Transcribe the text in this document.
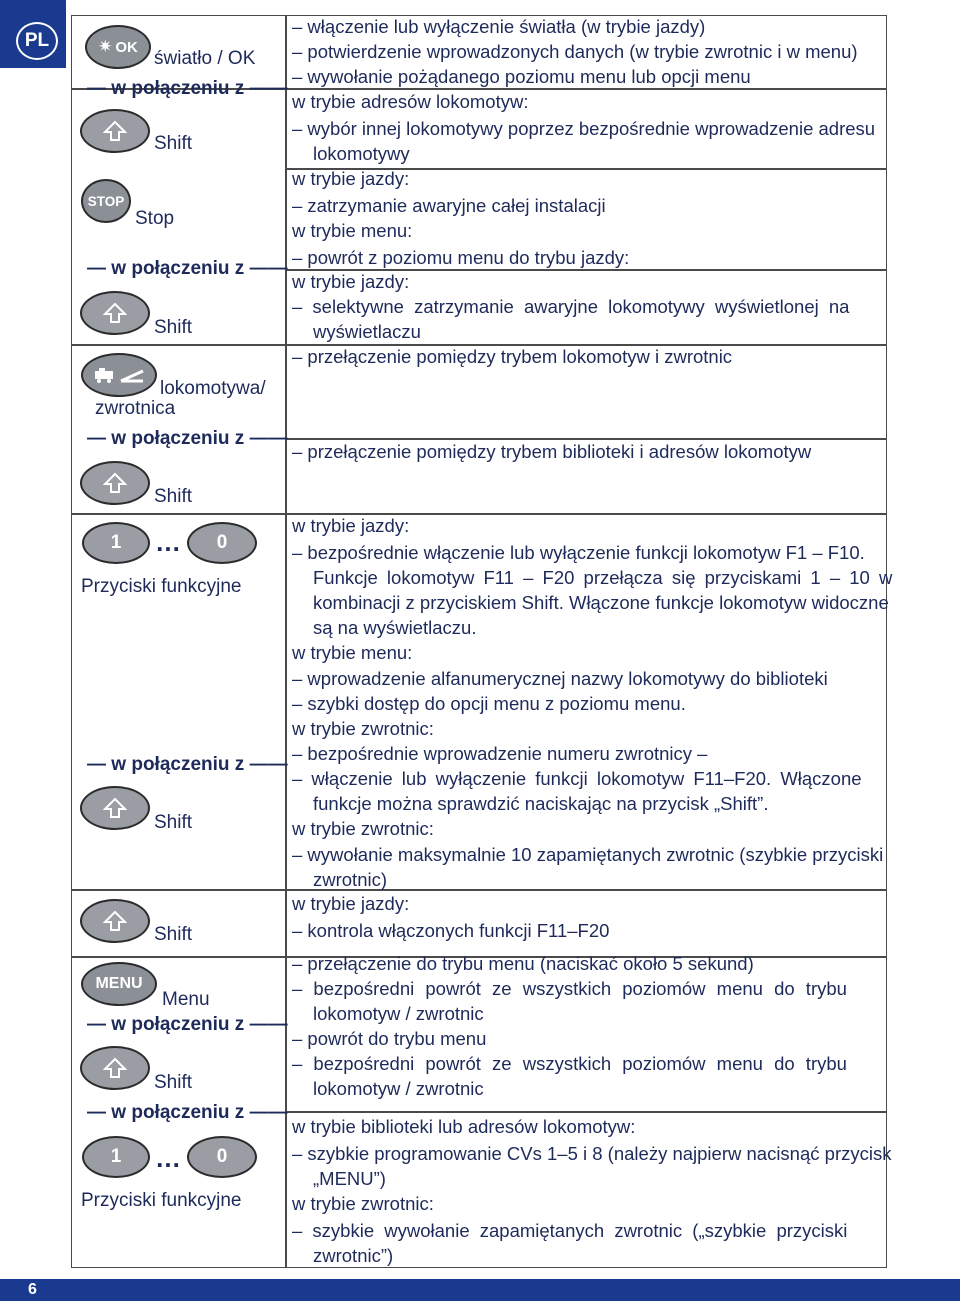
PL
6
✷ OK
światło / OK
— w połączeniu z ——
Shift
STOP
Stop
— w połączeniu z ——
Shift
lokomotywa/
zwrotnica
— w połączeniu z ——
Shift
1 … 0
Przyciski funkcyjne
— w połączeniu z ——
Shift
Shift
MENU
Menu
— w połączeniu z ——
Shift
— w połączeniu z ——
1 … 0
Przyciski funkcyjne
– włączenie lub wyłączenie światła (w trybie jazdy)
– potwierdzenie wprowadzonych danych (w trybie zwrotnic i w menu)
– wywołanie pożądanego poziomu menu lub opcji menu
w trybie adresów lokomotyw:
– wybór innej lokomotywy poprzez bezpośrednie wprowadzenie adresu
lokomotywy
w trybie jazdy:
– zatrzymanie awaryjne całej instalacji
w trybie menu:
– powrót z poziomu menu do trybu jazdy:
w trybie jazdy:
– selektywne zatrzymanie awaryjne lokomotywy wyświetlonej na
wyświetlaczu
– przełączenie pomiędzy trybem lokomotyw i zwrotnic
– przełączenie pomiędzy trybem biblioteki i adresów lokomotyw
w trybie jazdy:
– bezpośrednie włączenie lub wyłączenie funkcji lokomotyw F1 – F10.
Funkcje lokomotyw F11 – F20 przełącza się przyciskami 1 – 10 w
kombinacji z przyciskiem Shift. Włączone funkcje lokomotyw widoczne
są na wyświetlaczu.
w trybie menu:
– wprowadzenie alfanumerycznej nazwy lokomotywy do biblioteki
– szybki dostęp do opcji menu z poziomu menu.
w trybie zwrotnic:
– bezpośrednie wprowadzenie numeru zwrotnicy –
– włączenie lub wyłączenie funkcji lokomotyw F11–F20. Włączone
funkcje można sprawdzić naciskając na przycisk „Shift”.
w trybie zwrotnic:
– wywołanie maksymalnie 10 zapamiętanych zwrotnic (szybkie przyciski
zwrotnic)
w trybie jazdy:
– kontrola włączonych funkcji F11–F20
– przełączenie do trybu menu (naciskać około 5 sekund)
– bezpośredni powrót ze wszystkich poziomów menu do trybu
lokomotyw / zwrotnic
– powrót do trybu menu
– bezpośredni powrót ze wszystkich poziomów menu do trybu
lokomotyw / zwrotnic
w trybie biblioteki lub adresów lokomotyw:
– szybkie programowanie CVs 1–5 i 8 (należy najpierw nacisnąć przycisk
„MENU”)
w trybie zwrotnic:
– szybkie wywołanie zapamiętanych zwrotnic („szybkie przyciski
zwrotnic”)
